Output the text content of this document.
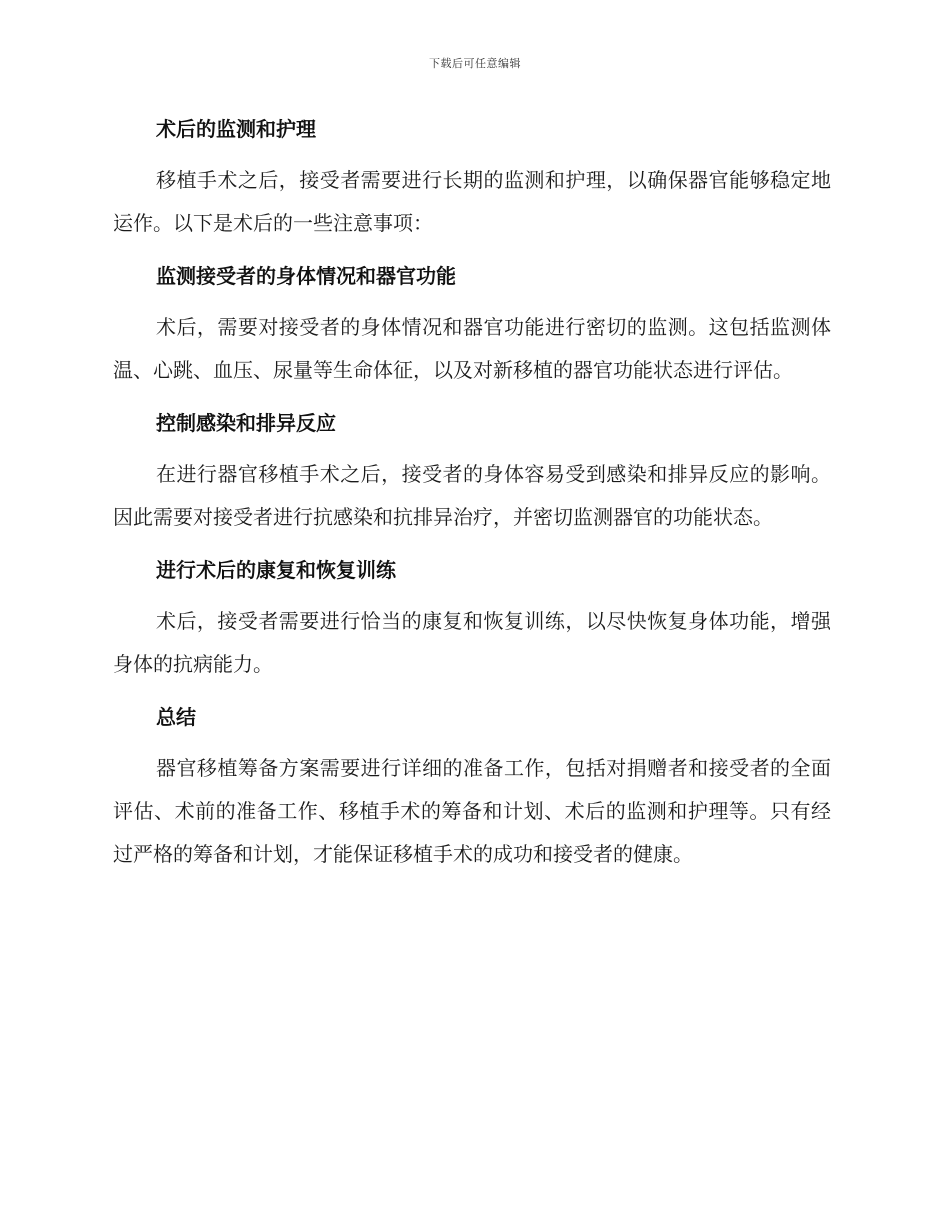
下载后可任意编辑
术后的监测和护理

移植手术之后，接受者需要进行长期的监测和护理，以确保器官能够稳定地运作。以下是术后的一些注意事项：

监测接受者的身体情况和器官功能

术后，需要对接受者的身体情况和器官功能进行密切的监测。这包括监测体温、心跳、血压、尿量等生命体征，以及对新移植的器官功能状态进行评估。

控制感染和排异反应

在进行器官移植手术之后，接受者的身体容易受到感染和排异反应的影响。因此需要对接受者进行抗感染和抗排异治疗，并密切监测器官的功能状态。

进行术后的康复和恢复训练

术后，接受者需要进行恰当的康复和恢复训练，以尽快恢复身体功能，增强身体的抗病能力。

总结

器官移植筹备方案需要进行详细的准备工作，包括对捐赠者和接受者的全面评估、术前的准备工作、移植手术的筹备和计划、术后的监测和护理等。只有经过严格的筹备和计划，才能保证移植手术的成功和接受者的健康。
